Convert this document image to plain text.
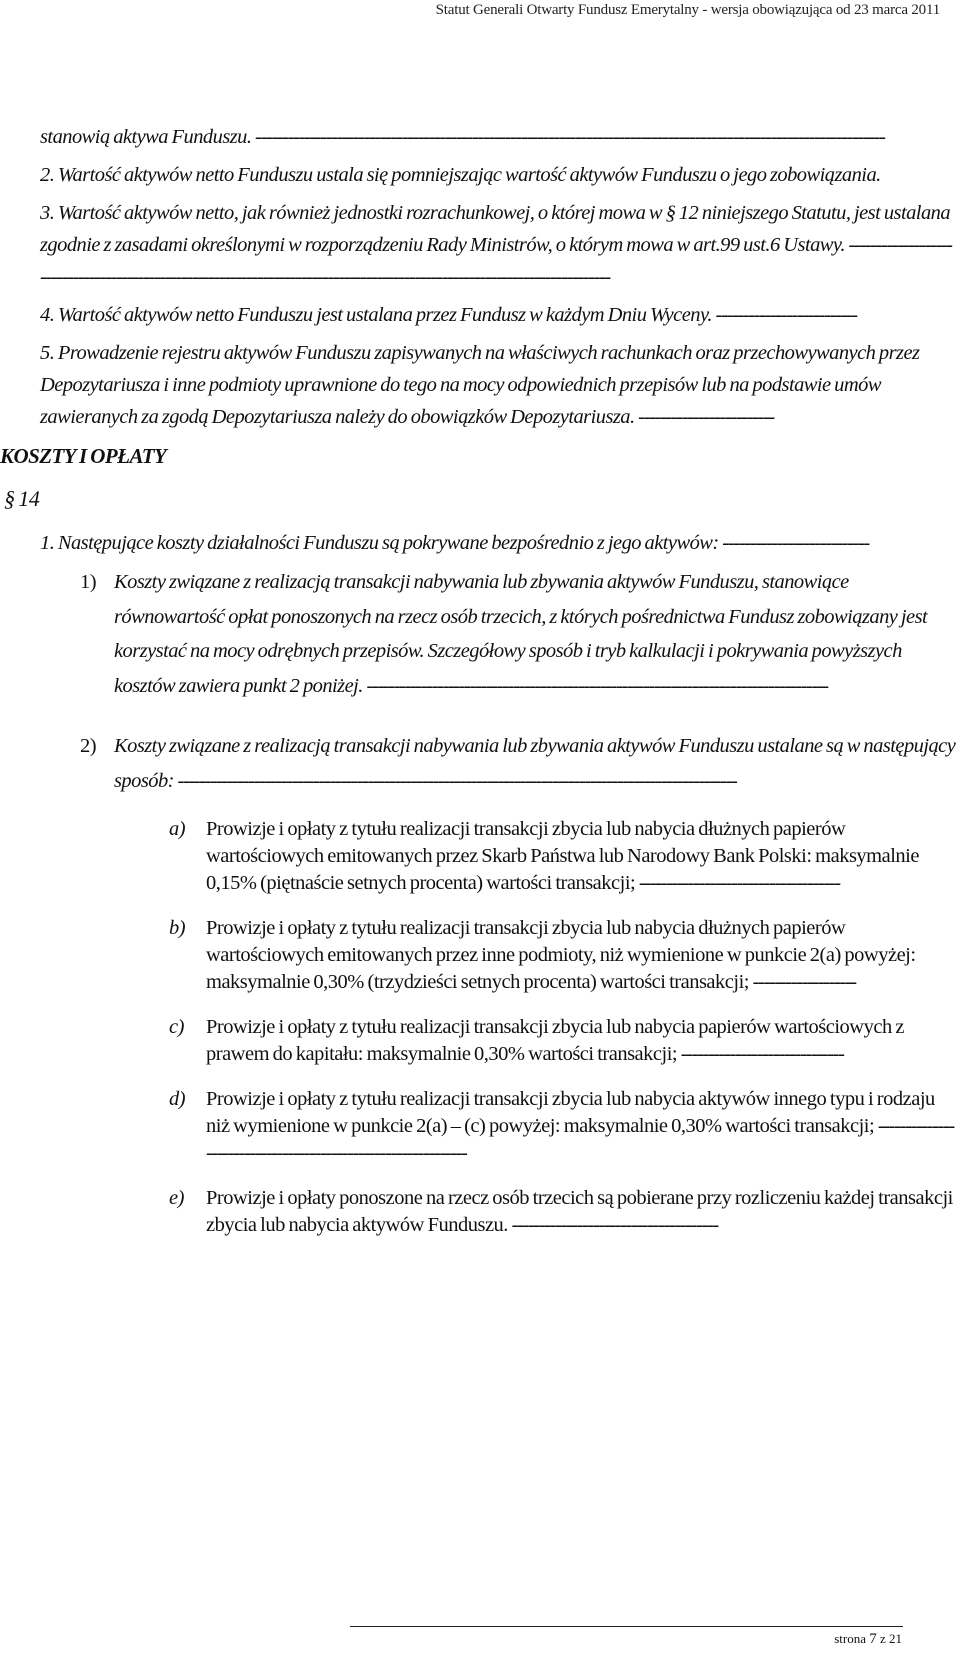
Statut Generali Otwarty Fundusz Emerytalny - wersja obowiązująca od 23 marca 2011

stanowią aktywa Funduszu. --------------------------------------------------------------------------------------------------------------------

2. Wartość aktywów netto Funduszu ustala się pomniejszając wartość aktywów Funduszu o jego zobowiązania.

3. Wartość aktywów netto, jak również jednostki rozrachunkowej, o której mowa w § 12 niniejszego Statutu, jest ustalana zgodnie z zasadami określonymi w rozporządzeniu Rady Ministrów, o którym mowa w art.99 ust.6 Ustawy. ----------------------------------------------------------------------------------------------------------------------------

4. Wartość aktywów netto Funduszu jest ustalana przez Fundusz w każdym Dniu Wyceny. --------------------------

5. Prowadzenie rejestru aktywów Funduszu zapisywanych na właściwych rachunkach oraz przechowywanych przez Depozytariusza i inne podmioty uprawnione do tego na mocy odpowiednich przepisów lub na podstawie umów zawieranych za zgodą Depozytariusza należy do obowiązków Depozytariusza. -------------------------

KOSZTY I OPŁATY
§ 14

1. Następujące koszty działalności Funduszu są pokrywane bezpośrednio z jego aktywów: ---------------------------

1) Koszty związane z realizacją transakcji nabywania lub zbywania aktywów Funduszu, stanowiące równowartość opłat ponoszonych na rzecz osób trzecich, z których pośrednictwa Fundusz zobowiązany jest korzystać na mocy odrębnych przepisów. Szczegółowy sposób i tryb kalkulacji i pokrywania powyższych kosztów zawiera punkt 2 poniżej. -------------------------------------------------------------------------------------
2) Koszty związane z realizacją transakcji nabywania lub zbywania aktywów Funduszu ustalane są w następujący sposób: -------------------------------------------------------------------------------------------------------
a) Prowizje i opłaty z tytułu realizacji transakcji zbycia lub nabycia dłużnych papierów wartościowych emitowanych przez Skarb Państwa lub Narodowy Bank Polski: maksymalnie 0,15% (piętnaście setnych procenta) wartości transakcji; -------------------------------------
b) Prowizje i opłaty z tytułu realizacji transakcji zbycia lub nabycia dłużnych papierów wartościowych emitowanych przez inne podmioty, niż wymienione w punkcie 2(a) powyżej: maksymalnie 0,30% (trzydzieści setnych procenta) wartości transakcji; -------------------
c) Prowizje i opłaty z tytułu realizacji transakcji zbycia lub nabycia papierów wartościowych z prawem do kapitału: maksymalnie 0,30% wartości transakcji; ------------------------------
d) Prowizje i opłaty z tytułu realizacji transakcji zbycia lub nabycia aktywów innego typu i rodzaju niż wymienione w punkcie 2(a) – (c) powyżej: maksymalnie 0,30% wartości transakcji; --------------------------------------------------------------
e) Prowizje i opłaty ponoszone na rzecz osób trzecich są pobierane przy rozliczeniu każdej transakcji zbycia lub nabycia aktywów Funduszu. --------------------------------------
strona 7 z 21
